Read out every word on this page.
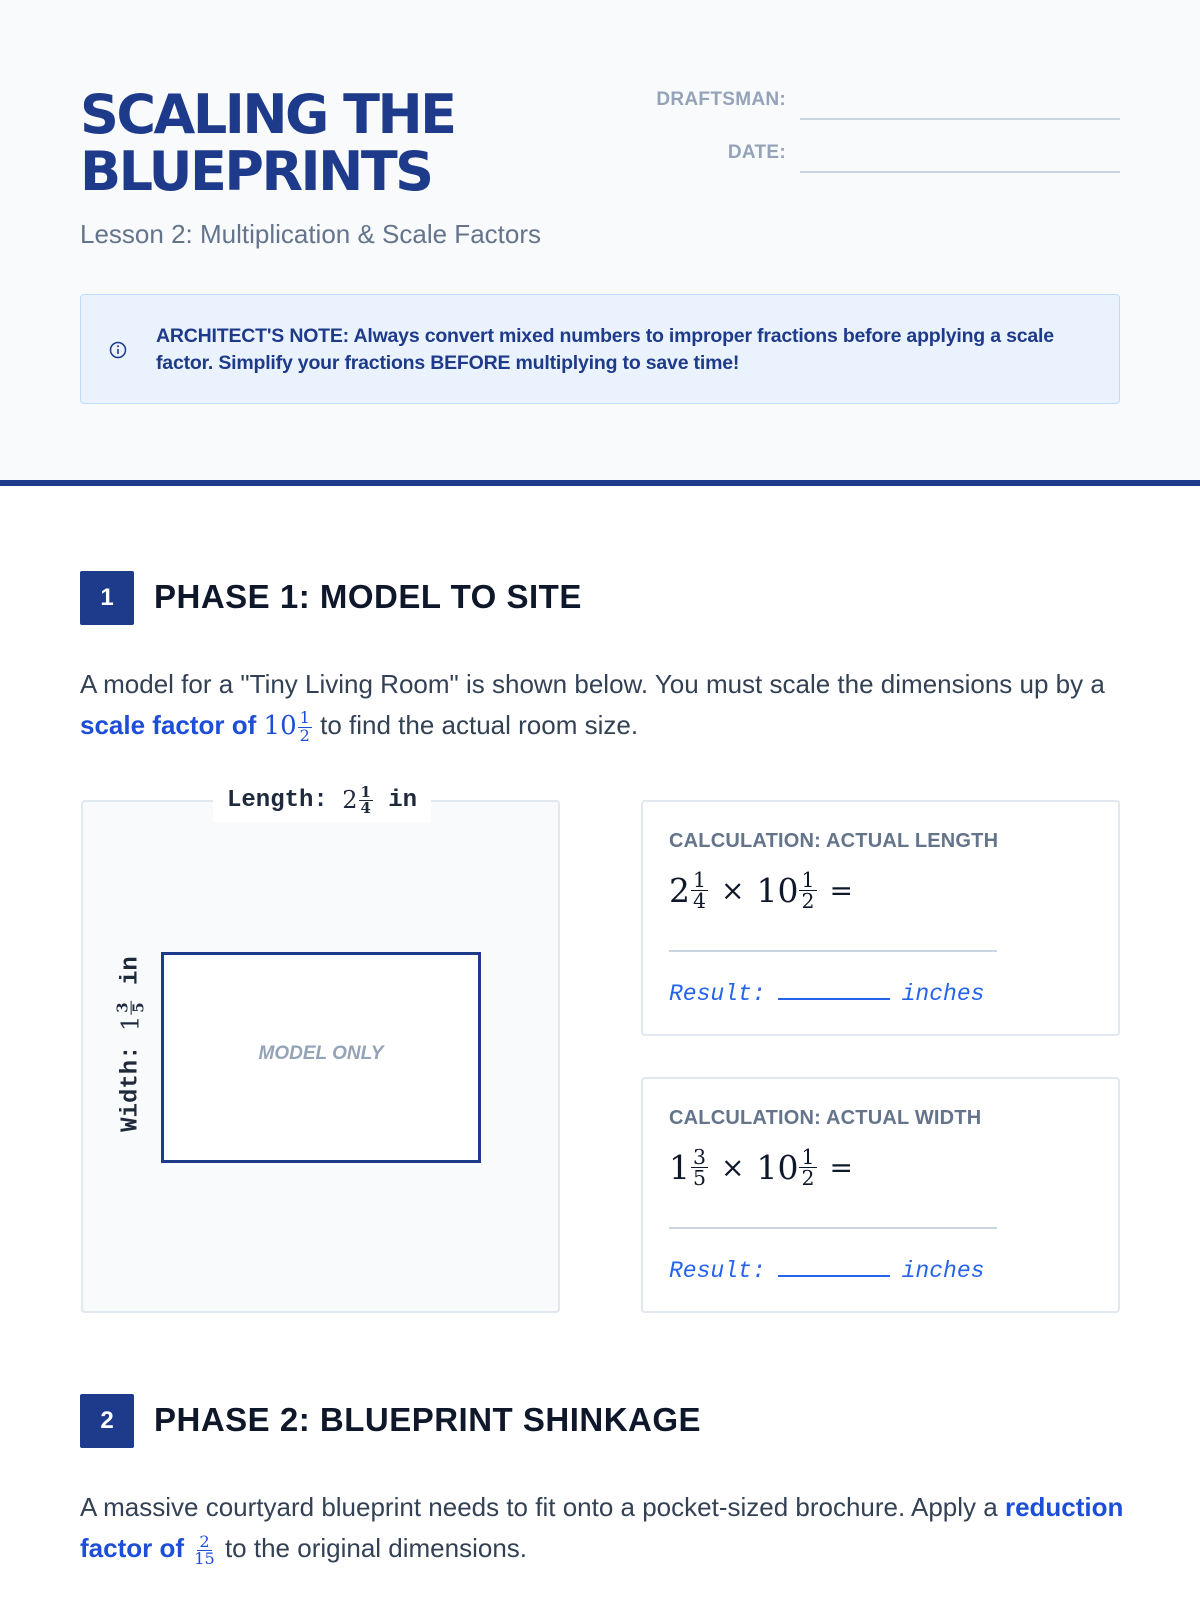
SCALING THE
BLUEPRINTS
Lesson 2: Multiplication & Scale Factors
DRAFTSMAN:
DATE:
ARCHITECT'S NOTE: Always convert mixed numbers to improper fractions before applying a scale factor. Simplify your fractions BEFORE multiplying to save time!
1	PHASE 1: MODEL TO SITE
A model for a "Tiny Living Room" is shown below. You must scale the dimensions up by a scale factor of $10 \frac{1}{2}$ to find the actual room size.
Length:
$2 \frac{1}{4}$
in
Width:

1
3
5

in
MODEL ONLY
CALCULATION: ACTUAL LENGTH
$2 \frac{1}{4} \times 10 \frac{1}{2}$ =
Result:	inches
CALCULATION: ACTUAL WIDTH
$1 \frac{3}{5} \times 10 \frac{1}{2}$ =
Result:	inches
2	PHASE 2: BLUEPRINT SHINKAGE
A massive courtyard blueprint needs to fit onto a pocket-sized brochure. Apply a reduction factor of $\frac{2}{15}$ to the original dimensions.
